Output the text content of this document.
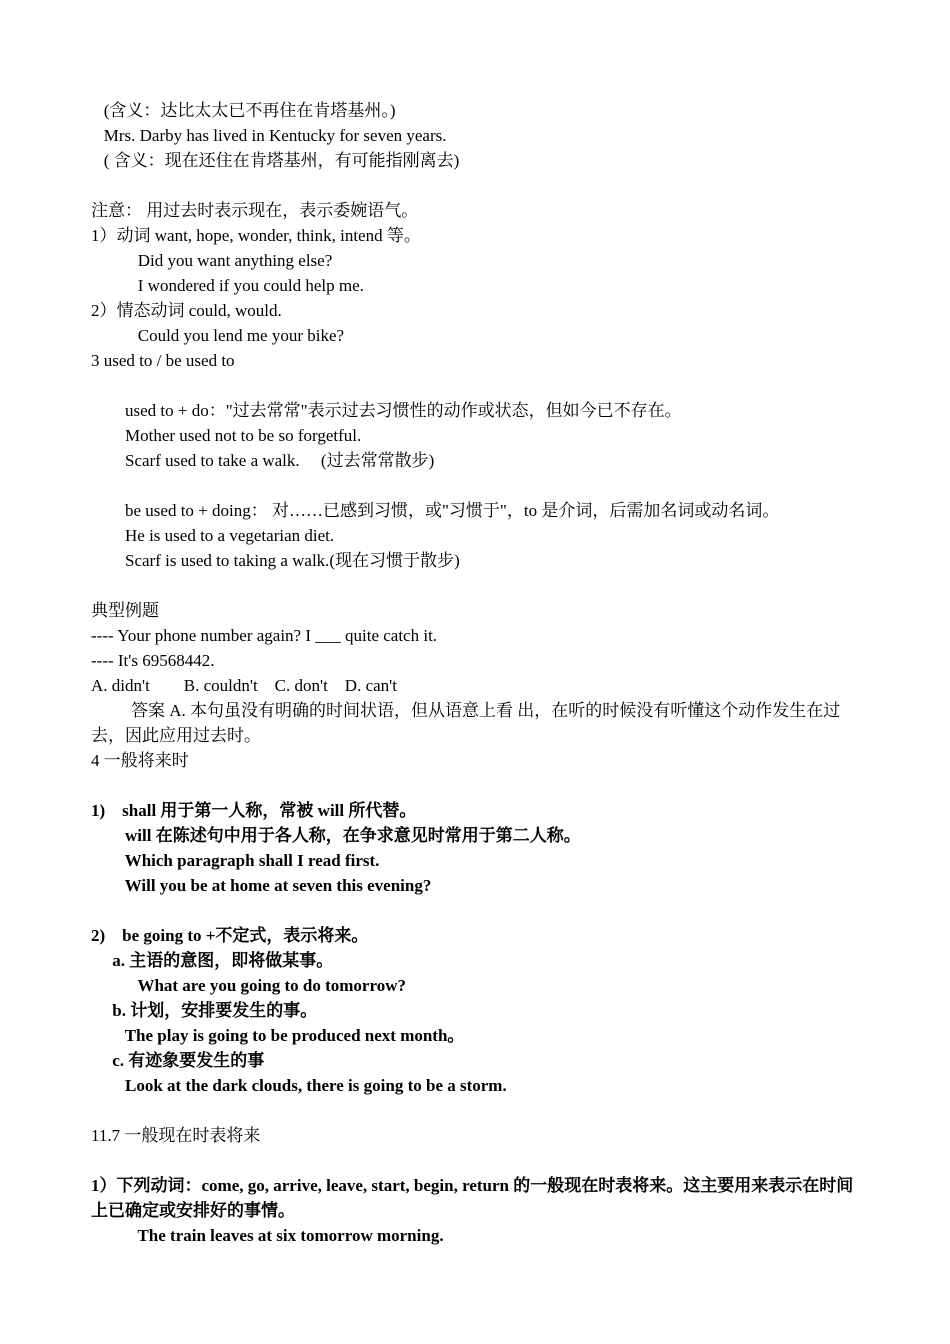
(含义：达比太太已不再住在肯塔基州。)
Mrs. Darby has lived in Kentucky for seven years.
( 含义：现在还住在肯塔基州，有可能指刚离去)
注意： 用过去时表示现在，表示委婉语气。
1）动词 want, hope, wonder, think, intend 等。
Did you want anything else?
I wondered if you could help me.
2）情态动词 could, would.
Could you lend me your bike?
3 used to / be used to
used to + do："过去常常"表示过去习惯性的动作或状态，但如今已不存在。
Mother used not to be so forgetful.
Scarf used to take a walk.     (过去常常散步)
be used to + doing： 对……已感到习惯，或"习惯于"，to 是介词，后需加名词或动名词。
He is used to a vegetarian diet.
Scarf is used to taking a walk.(现在习惯于散步)
典型例题
---- Your phone number again? I ___ quite catch it.
---- It's 69568442.
A. didn't        B. couldn't    C. don't    D. can't
答案 A. 本句虽没有明确的时间状语，但从语意上看 出，在听的时候没有听懂这个动作发生在过去，因此应用过去时。
4 一般将来时
1)    shall 用于第一人称，常被 will 所代替。
will 在陈述句中用于各人称，在争求意见时常用于第二人称。
Which paragraph shall I read first.
Will you be at home at seven this evening?
2)    be going to +不定式，表示将来。
a. 主语的意图，即将做某事。
What are you going to do tomorrow?
b. 计划，安排要发生的事。
The play is going to be produced next month。
c. 有迹象要发生的事
Look at the dark clouds, there is going to be a storm.
11.7 一般现在时表将来
1）下列动词：come, go, arrive, leave, start, begin, return 的一般现在时表将来。这主要用来表示在时间上已确定或安排好的事情。
The train leaves at six tomorrow morning.
